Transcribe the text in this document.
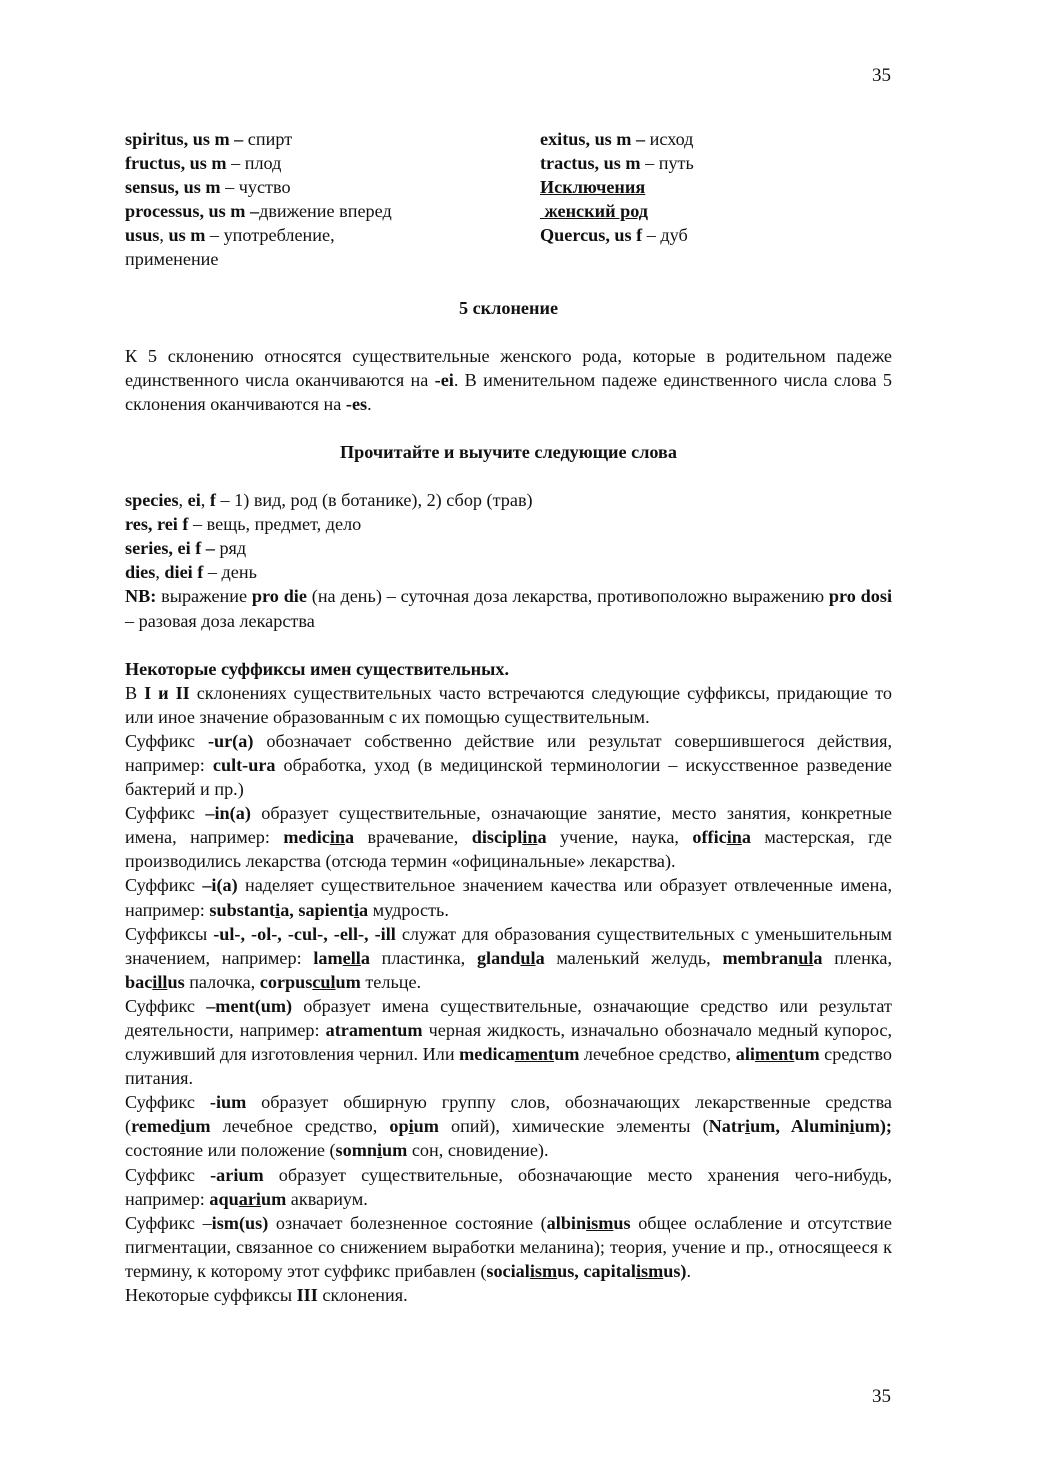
35
spiritus, us m – спирт
fructus, us m – плод
sensus, us m – чуство
processus, us m –движение вперед
usus, us m – употребление,
применение
exitus, us m – исход
tractus, us m – путь
Исключения
женский род
Quercus, us f – дуб
5 склонение
К 5 склонению относятся существительные женского рода, которые в родительном падеже единственного числа оканчиваются на -ei. В именительном падеже единственного числа слова 5 склонения оканчиваются на -es.
Прочитайте и выучите следующие слова
species, ei, f – 1) вид, род (в ботанике), 2) сбор (трав)
res, rei f – вещь, предмет, дело
series, ei f – ряд
dies, diei f – день
NB: выражение pro die (на день) – суточная доза лекарства, противоположно выражению pro dosi – разовая доза лекарства
Некоторые суффиксы имен существительных.
В I и II склонениях существительных часто встречаются следующие суффиксы, придающие то или иное значение образованным с их помощью существительным.
Суффикс -ur(a) обозначает собственно действие или результат совершившегося действия, например: cult-ura обработка, уход (в медицинской терминологии – искусственное разведение бактерий и пр.)
Суффикс –in(a) образует существительные, означающие занятие, место занятия, конкретные имена, например: medicina врачевание, disciplina учение, наука, officina мастерская, где производились лекарства (отсюда термин «официнальные» лекарства).
Суффикс –i(a) наделяет существительное значением качества или образует отвлеченные имена, например: substantia, sapientia мудрость.
Суффиксы -ul-, -ol-, -cul-, -ell-, -ill служат для образования существительных с уменьшительным значением, например: lamella пластинка, glandula маленький желудь, membranula пленка, bacillus палочка, corpusculum тельце.
Суффикс –ment(um) образует имена существительные, означающие средство или результат деятельности, например: atramentum черная жидкость, изначально обозначало медный купорос, служивший для изготовления чернил. Или medicamentum лечебное средство, alimentum средство питания.
Суффикс -ium образует обширную группу слов, обозначающих лекарственные средства (remedium лечебное средство, opium опий), химические элементы (Natrium, Aluminium); состояние или положение (somnium сон, сновидение).
Суффикс -arium образует существительные, обозначающие место хранения чего-нибудь, например: aquarium аквариум.
Суффикс –ism(us) означает болезненное состояние (albinismus общее ослабление и отсутствие пигментации, связанное со снижением выработки меланина); теория, учение и пр., относящееся к термину, к которому этот суффикс прибавлен (socialismus, capitalismus).
Некоторые суффиксы III склонения.
35
